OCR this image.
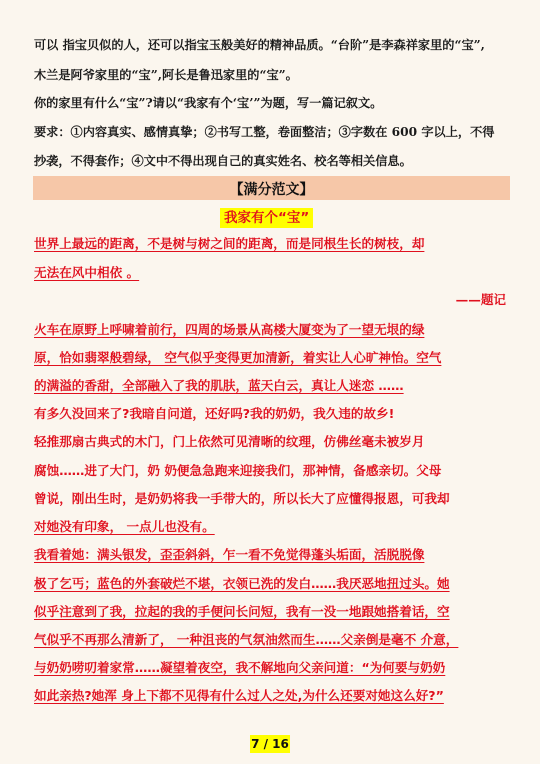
可以 指宝贝似的人，还可以指宝玉般美好的精神品质。“台阶”是李森祥家里的“宝”,
木兰是阿爷家里的“宝”,阿长是鲁迅家里的“宝”。
你的家里有什么“宝”?请以“我家有个‘宝’”为题，写一篇记叙文。
要求：①内容真实、感情真挚；②书写工整，卷面整洁；③字数在 600 字以上，不得
抄袭，不得套作；④文中不得出现自己的真实姓名、校名等相关信息。
【满分范文】
我家有个“宝”
世界上最远的距离，不是树与树之间的距离，而是同根生长的树枝，却
无法在风中相依 。
——题记
火车在原野上呼啸着前行，四周的场景从高楼大厦变为了一望无垠的绿
原，恰如翡翠般碧绿， 空气似乎变得更加清新，着实让人心旷神怡。空气
的满溢的香甜，全部融入了我的肌肤，蓝天白云，真让人迷恋 ……
有多久没回来了?我暗自问道，还好吗?我的奶奶，我久违的故乡!
轻推那扇古典式的木门，门上依然可见清晰的纹理，仿佛丝毫未被岁月
腐蚀……进了大门，奶 奶便急急跑来迎接我们，那神情，备感亲切。父母
曾说，刚出生时，是奶奶将我一手带大的，所以长大了应懂得报恩，可我却
对她没有印象， 一点儿也没有。
我看着她：满头银发，歪歪斜斜，乍一看不免觉得蓬头垢面，活脱脱像
极了乞丐；蓝色的外套破烂不堪，衣领已洗的发白……我厌恶地扭过头。她
似乎注意到了我，拉起的我的手便问长问短，我有一没一地跟她搭着话，空
气似乎不再那么清新了， 一种沮丧的气氛油然而生……父亲倒是毫不 介意，
与奶奶唠叨着家常……凝望着夜空，我不解地向父亲问道：“为何要与奶奶
如此亲热?她浑 身上下都不见得有什么过人之处,为什么还要对她这么好?”
7 / 16
